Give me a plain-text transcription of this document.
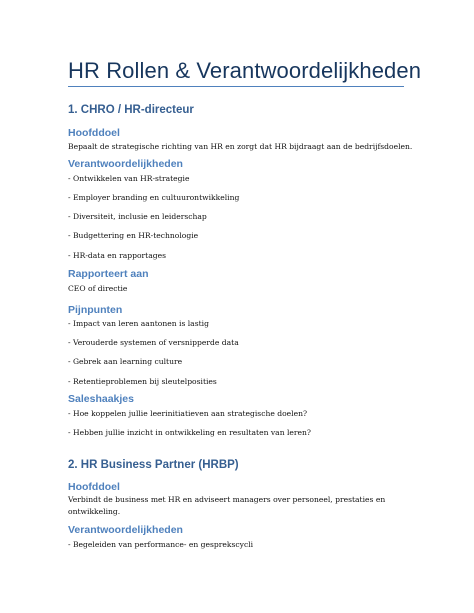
HR Rollen & Verantwoordelijkheden
1. CHRO / HR-directeur
Hoofddoel

Bepaalt de strategische richting van HR en zorgt dat HR bijdraagt aan de bedrijfsdoelen.

Verantwoordelijkheden

- Ontwikkelen van HR-strategie

- Employer branding en cultuurontwikkeling

- Diversiteit, inclusie en leiderschap

- Budgettering en HR-technologie

- HR-data en rapportages

Rapporteert aan

CEO of directie

Pijnpunten

- Impact van leren aantonen is lastig

- Verouderde systemen of versnipperde data

- Gebrek aan learning culture

- Retentieproblemen bij sleutelposities

Saleshaakjes

- Hoe koppelen jullie leerinitiatieven aan strategische doelen?

- Hebben jullie inzicht in ontwikkeling en resultaten van leren?

2. HR Business Partner (HRBP)
Hoofddoel

Verbindt de business met HR en adviseert managers over personeel, prestaties en ontwikkeling.

Verantwoordelijkheden

- Begeleiden van performance- en gesprekscycli
